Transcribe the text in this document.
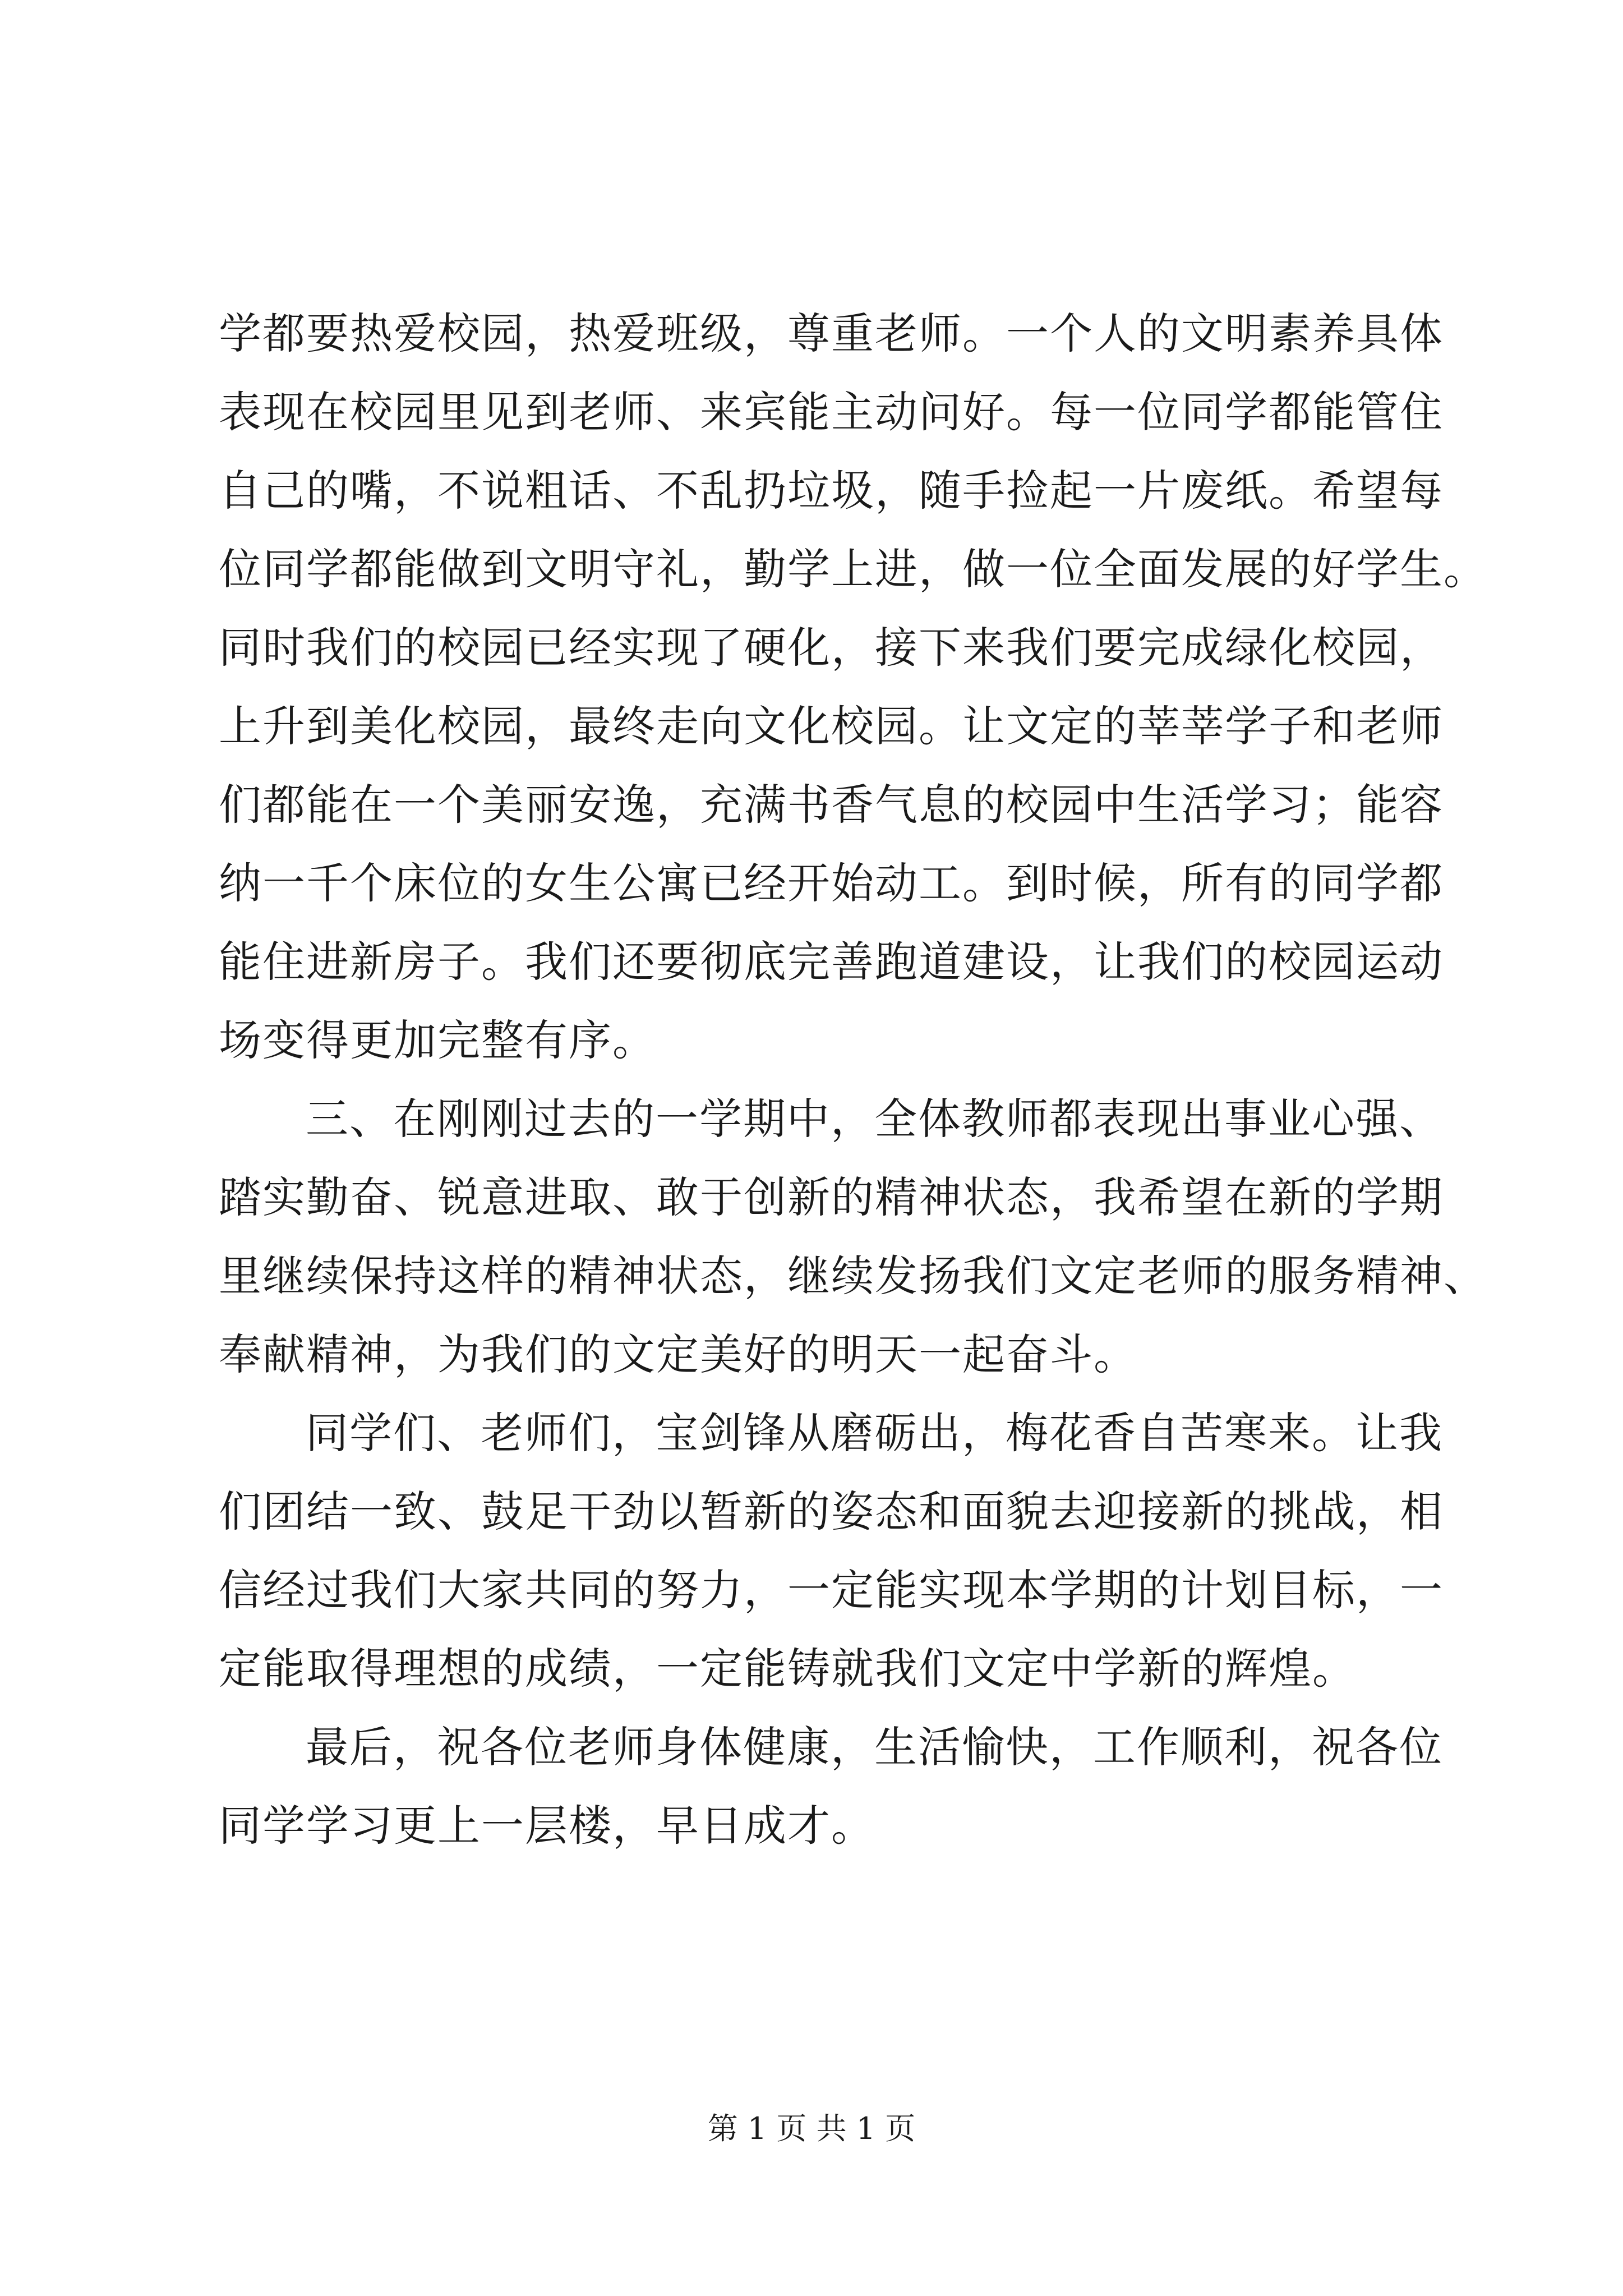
学都要热爱校园，热爱班级，尊重老师。一个人的文明素养具体
表现在校园里见到老师、来宾能主动问好。每一位同学都能管住
自己的嘴，不说粗话、不乱扔垃圾，随手捡起一片废纸。希望每
位同学都能做到文明守礼，勤学上进，做一位全面发展的好学生。
同时我们的校园已经实现了硬化，接下来我们要完成绿化校园，
上升到美化校园，最终走向文化校园。让文定的莘莘学子和老师
们都能在一个美丽安逸，充满书香气息的校园中生活学习；能容
纳一千个床位的女生公寓已经开始动工。到时候，所有的同学都
能住进新房子。我们还要彻底完善跑道建设，让我们的校园运动
场变得更加完整有序。
三、在刚刚过去的一学期中，全体教师都表现出事业心强、
踏实勤奋、锐意进取、敢于创新的精神状态，我希望在新的学期
里继续保持这样的精神状态，继续发扬我们文定老师的服务精神、
奉献精神，为我们的文定美好的明天一起奋斗。
同学们、老师们，宝剑锋从磨砺出，梅花香自苦寒来。让我
们团结一致、鼓足干劲以暂新的姿态和面貌去迎接新的挑战，相
信经过我们大家共同的努力，一定能实现本学期的计划目标，一
定能取得理想的成绩，一定能铸就我们文定中学新的辉煌。
最后，祝各位老师身体健康，生活愉快，工作顺利，祝各位
同学学习更上一层楼，早日成才。
第 1 页 共 1 页
